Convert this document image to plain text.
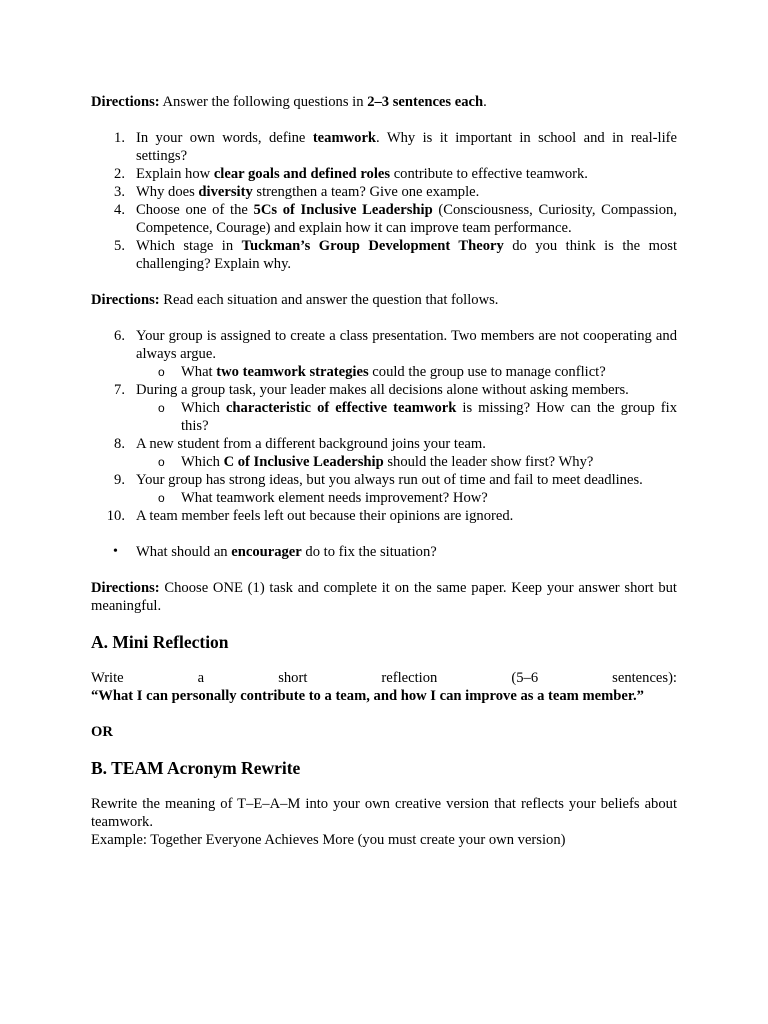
Directions: Answer the following questions in 2–3 sentences each.

1. In your own words, define teamwork. Why is it important in school and in real-life settings?
2. Explain how clear goals and defined roles contribute to effective teamwork.
3. Why does diversity strengthen a team? Give one example.
4. Choose one of the 5Cs of Inclusive Leadership (Consciousness, Curiosity, Compassion, Competence, Courage) and explain how it can improve team performance.
5. Which stage in Tuckman’s Group Development Theory do you think is the most challenging? Explain why.

Directions: Read each situation and answer the question that follows.

6. Your group is assigned to create a class presentation. Two members are not cooperating and always argue.
o What two teamwork strategies could the group use to manage conflict?
7. During a group task, your leader makes all decisions alone without asking members.
o Which characteristic of effective teamwork is missing? How can the group fix this?
8. A new student from a different background joins your team.
o Which C of Inclusive Leadership should the leader show first? Why?
9. Your group has strong ideas, but you always run out of time and fail to meet deadlines.
o What teamwork element needs improvement? How?
10. A team member feels left out because their opinions are ignored.
• What should an encourager do to fix the situation?

Directions: Choose ONE (1) task and complete it on the same paper. Keep your answer short but meaningful.

A. Mini Reflection
Write	a	short	reflection	(5–6	sentences):

“What I can personally contribute to a team, and how I can improve as a team member.”

OR

B. TEAM Acronym Rewrite

Rewrite the meaning of T–E–A–M into your own creative version that reflects your beliefs about teamwork.

Example: Together Everyone Achieves More (you must create your own version)
